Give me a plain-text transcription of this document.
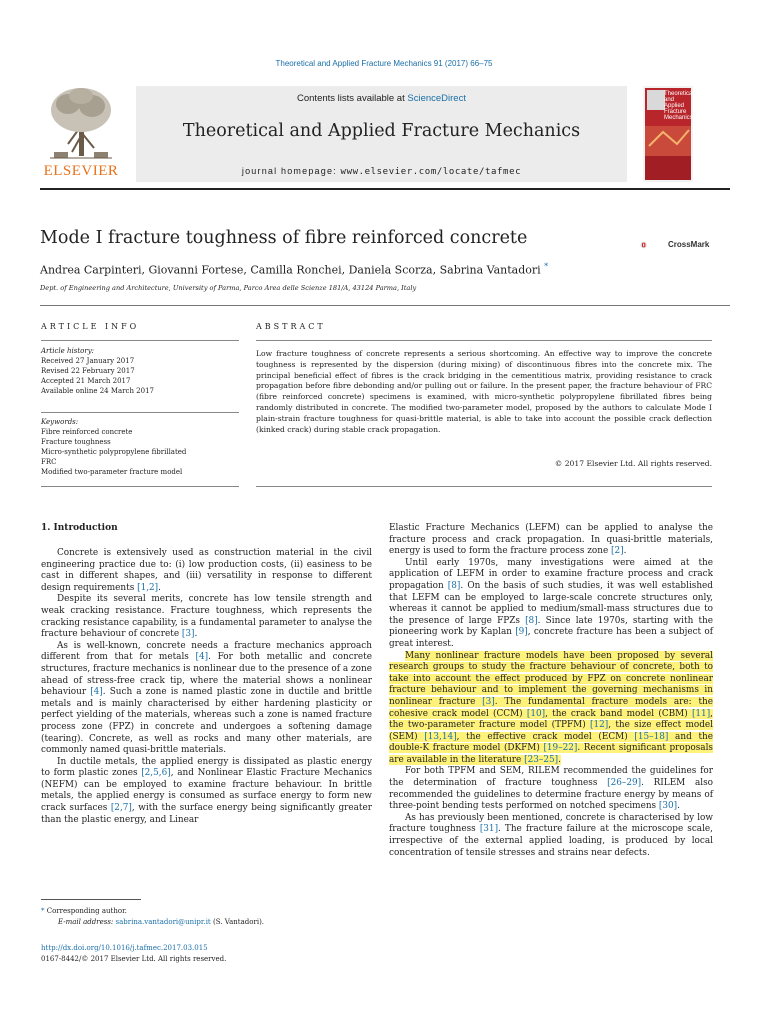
Theoretical and Applied Fracture Mechanics 91 (2017) 66–75
ELSEVIER
Contents lists available at ScienceDirect
Theoretical and Applied Fracture Mechanics
journal homepage: www.elsevier.com/locate/tafmec
Theoretical and Applied Fracture Mechanics
Mode I fracture toughness of fibre reinforced concrete	CrossMark
Andrea Carpinteri, Giovanni Fortese, Camilla Ronchei, Daniela Scorza, Sabrina Vantadori *
Dept. of Engineering and Architecture, University of Parma, Parco Area delle Scienze 181/A, 43124 Parma, Italy
ARTICLE INFO
Article history:
Received 27 January 2017
Revised 22 February 2017
Accepted 21 March 2017
Available online 24 March 2017
Keywords:
Fibre reinforced concrete
Fracture toughness
Micro-synthetic polypropylene fibrillated
FRC
Modified two-parameter fracture model
ABSTRACT
Low fracture toughness of concrete represents a serious shortcoming. An effective way to improve the concrete toughness is represented by the dispersion (during mixing) of discontinuous fibres into the concrete mix. The principal beneficial effect of fibres is the crack bridging in the cementitious matrix, providing resistance to crack propagation before fibre debonding and/or pulling out or failure. In the present paper, the fracture behaviour of FRC (fibre reinforced concrete) specimens is examined, with micro-synthetic polypropylene fibrillated fibres being randomly distributed in concrete. The modified two-parameter model, proposed by the authors to calculate Mode I plain-strain fracture toughness for quasi-brittle material, is able to take into account the possible crack deflection (kinked crack) during stable crack propagation.
© 2017 Elsevier Ltd. All rights reserved.
1. Introduction

Concrete is extensively used as construction material in the civil engineering practice due to: (i) low production costs, (ii) easiness to be cast in different shapes, and (iii) versatility in response to different design requirements [1,2].

Despite its several merits, concrete has low tensile strength and weak cracking resistance. Fracture toughness, which represents the cracking resistance capability, is a fundamental parameter to analyse the fracture behaviour of concrete [3].

As is well-known, concrete needs a fracture mechanics approach different from that for metals [4]. For both metallic and concrete structures, fracture mechanics is nonlinear due to the presence of a zone ahead of stress-free crack tip, where the material shows a nonlinear behaviour [4]. Such a zone is named plastic zone in ductile and brittle metals and is mainly characterised by either hardening plasticity or perfect yielding of the materials, whereas such a zone is named fracture process zone (FPZ) in concrete and undergoes a softening damage (tearing). Concrete, as well as rocks and many other materials, are commonly named quasi-brittle materials.

In ductile metals, the applied energy is dissipated as plastic energy to form plastic zones [2,5,6], and Nonlinear Elastic Fracture Mechanics (NEFM) can be employed to examine fracture behaviour. In brittle metals, the applied energy is consumed as surface energy to form new crack surfaces [2,7], with the surface energy being significantly greater than the plastic energy, and Linear

Elastic Fracture Mechanics (LEFM) can be applied to analyse the fracture process and crack propagation. In quasi-brittle materials, energy is used to form the fracture process zone [2].

Until early 1970s, many investigations were aimed at the application of LEFM in order to examine fracture process and crack propagation [8]. On the basis of such studies, it was well established that LEFM can be employed to large-scale concrete structures only, whereas it cannot be applied to medium/small-mass structures due to the presence of large FPZs [8]. Since late 1970s, starting with the pioneering work by Kaplan [9], concrete fracture has been a subject of great interest.

Many nonlinear fracture models have been proposed by several research groups to study the fracture behaviour of concrete, both to take into account the effect produced by FPZ on concrete nonlinear fracture behaviour and to implement the governing mechanisms in nonlinear fracture [3]. The fundamental fracture models are: the cohesive crack model (CCM) [10], the crack band model (CBM) [11], the two-parameter fracture model (TPFM) [12], the size effect model (SEM) [13,14], the effective crack model (ECM) [15–18] and the double-K fracture model (DKFM) [19–22]. Recent significant proposals are available in the literature [23–25].

For both TPFM and SEM, RILEM recommended the guidelines for the determination of fracture toughness [26–29]. RILEM also recommended the guidelines to determine fracture energy by means of three-point bending tests performed on notched specimens [30].

As has previously been mentioned, concrete is characterised by low fracture toughness [31]. The fracture failure at the microscope scale, irrespective of the external applied loading, is produced by local concentration of tensile stresses and strains near defects.

* Corresponding author.
E-mail address: sabrina.vantadori@unipr.it (S. Vantadori).
http://dx.doi.org/10.1016/j.tafmec.2017.03.015
0167-8442/© 2017 Elsevier Ltd. All rights reserved.
